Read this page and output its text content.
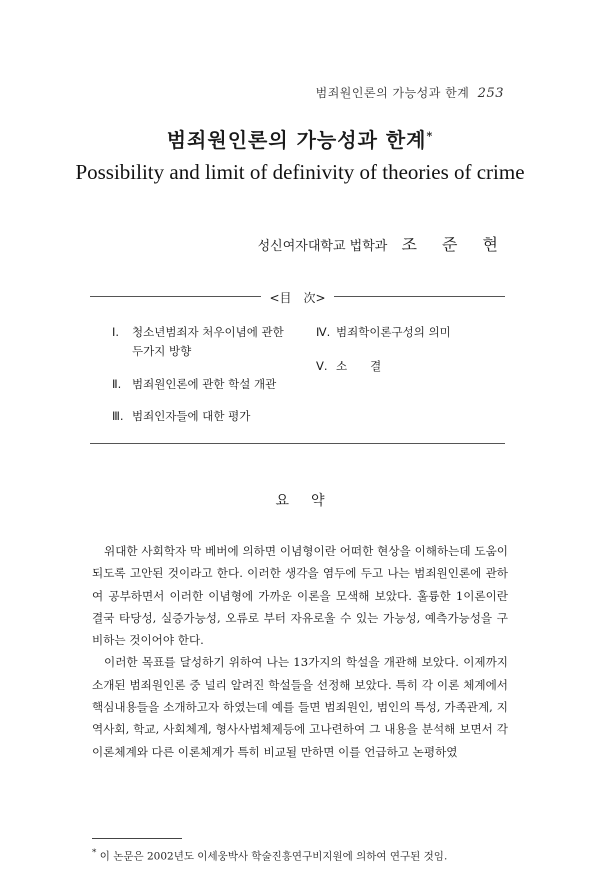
범죄원인론의 가능성과 한계 253
범죄원인론의 가능성과 한계*
Possibility and limit of definivity of theories of crime
성신여자대학교 법학과 조 준 현
<目　次>
Ⅰ. 청소년범죄자 처우이념에 관한
두가지 방향
Ⅱ. 범죄원인론에 관한 학설 개관
Ⅲ. 범죄인자들에 대한 평가
Ⅳ. 범죄학이론구성의 의미
Ⅴ. 소　　결
요약

위대한 사회학자 막 베버에 의하면 이념형이란 어떠한 현상을 이해하는데 도움이 되도록 고안된 것이라고 한다. 이러한 생각을 염두에 두고 나는 범죄원인론에 관하여 공부하면서 이러한 이념형에 가까운 이론을 모색해 보았다. 훌륭한 1이론이란 결국 타당성, 실증가능성, 오류로 부터 자유로울 수 있는 가능성, 예측가능성을 구비하는 것이어야 한다.

이러한 목표를 달성하기 위하여 나는 13가지의 학설을 개관해 보았다. 이제까지 소개된 범죄원인론 중 널리 알려진 학설들을 선정해 보았다. 특히 각 이론 체계에서 핵심내용들을 소개하고자 하였는데 예를 들면 범죄원인, 범인의 특성, 가족관계, 지역사회, 학교, 사회체계, 형사사법체제등에 고나련하여 그 내용을 분석해 보면서 각 이론체계와 다른 이론체계가 특히 비교될 만하면 이를 언급하고 논평하였

* 이 논문은 2002년도 이세웅박사 학술진흥연구비지원에 의하여 연구된 것임.
